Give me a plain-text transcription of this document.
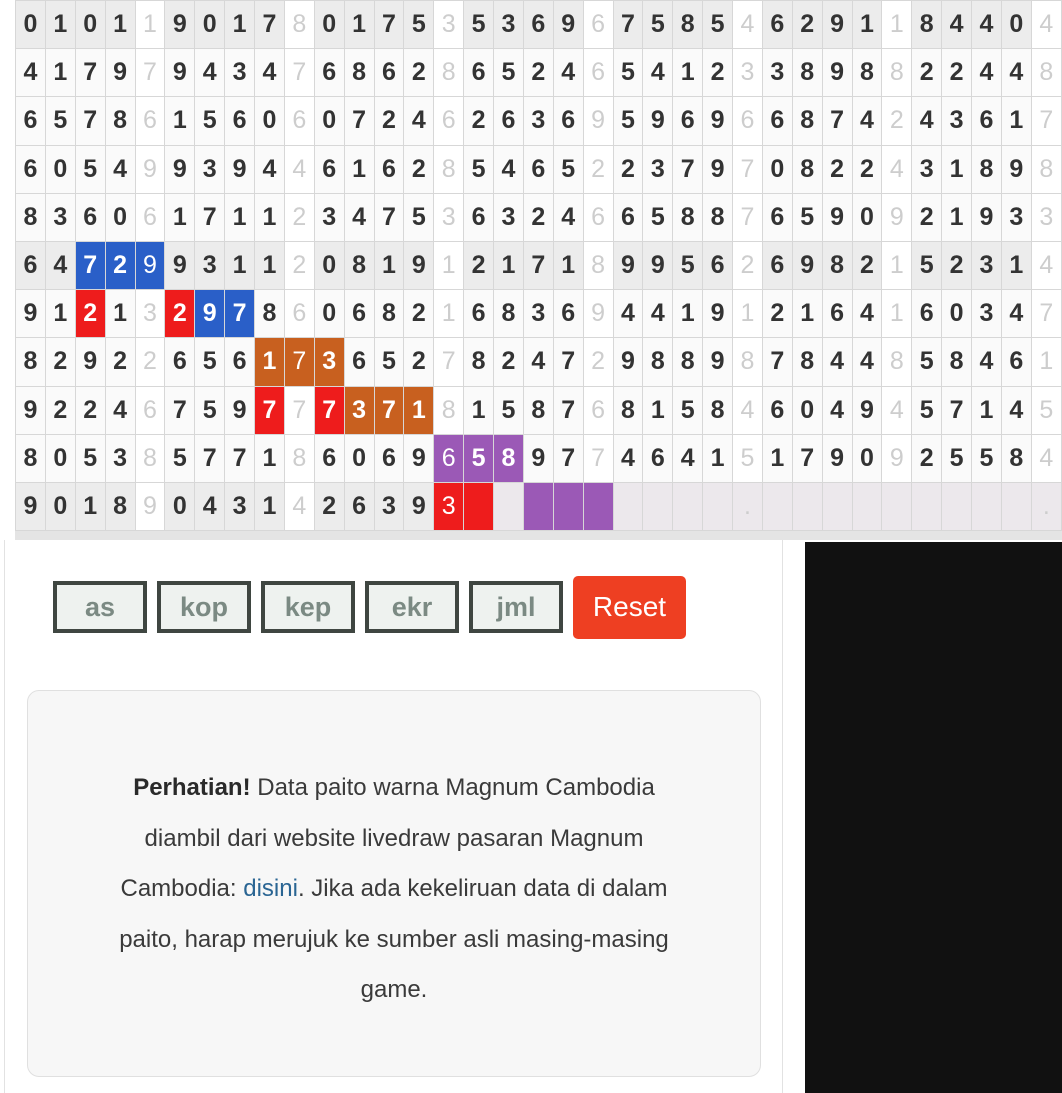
0	1	0	1	1	9	0	1	7	8	0	1	7	5	3	5	3	6	9	6	7	5	8	5	4	6	2	9	1	1	8	4	4	0	4
4	1	7	9	7	9	4	3	4	7	6	8	6	2	8	6	5	2	4	6	5	4	1	2	3	3	8	9	8	8	2	2	4	4	8
6	5	7	8	6	1	5	6	0	6	0	7	2	4	6	2	6	3	6	9	5	9	6	9	6	6	8	7	4	2	4	3	6	1	7
6	0	5	4	9	9	3	9	4	4	6	1	6	2	8	5	4	6	5	2	2	3	7	9	7	0	8	2	2	4	3	1	8	9	8
8	3	6	0	6	1	7	1	1	2	3	4	7	5	3	6	3	2	4	6	6	5	8	8	7	6	5	9	0	9	2	1	9	3	3
6	4	7	2	9	9	3	1	1	2	0	8	1	9	1	2	1	7	1	8	9	9	5	6	2	6	9	8	2	1	5	2	3	1	4
9	1	2	1	3	2	9	7	8	6	0	6	8	2	1	6	8	3	6	9	4	4	1	9	1	2	1	6	4	1	6	0	3	4	7
8	2	9	2	2	6	5	6	1	7	3	6	5	2	7	8	2	4	7	2	9	8	8	9	8	7	8	4	4	8	5	8	4	6	1
9	2	2	4	6	7	5	9	7	7	7	3	7	1	8	1	5	8	7	6	8	1	5	8	4	6	0	4	9	4	5	7	1	4	5
8	0	5	3	8	5	7	7	1	8	6	0	6	9	6	5	8	9	7	7	4	6	4	1	5	1	7	9	0	9	2	5	5	8	4
9	0	1	8	9	0	4	3	1	4	2	6	3	9	3										.										.
as
kop
kep
ekr
jml
Reset
Perhatian! Data paito warna Magnum Cambodia diambil dari website livedraw pasaran Magnum Cambodia: disini. Jika ada kekeliruan data di dalam paito, harap merujuk ke sumber asli masing-masing game.
